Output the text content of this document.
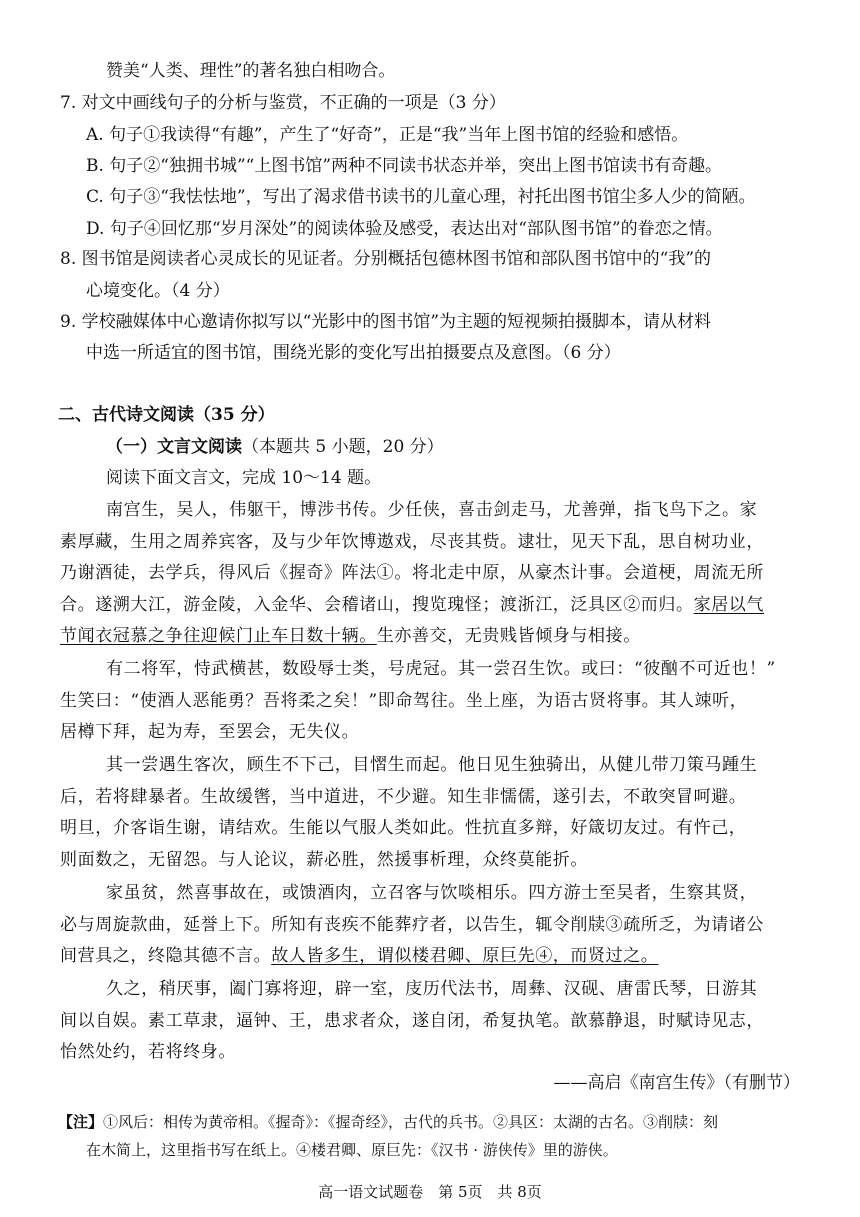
赞美“人类、理性”的著名独白相吻合。
7. 对文中画线句子的分析与鉴赏，不正确的一项是（3 分）
A. 句子①我读得“有趣”，产生了“好奇”，正是“我”当年上图书馆的经验和感悟。
B. 句子②“独拥书城”“上图书馆”两种不同读书状态并举，突出上图书馆读书有奇趣。
C. 句子③“我怯怯地”，写出了渴求借书读书的儿童心理，衬托出图书馆尘多人少的简陋。
D. 句子④回忆那“岁月深处”的阅读体验及感受，表达出对“部队图书馆”的眷恋之情。
8. 图书馆是阅读者心灵成长的见证者。分别概括包德林图书馆和部队图书馆中的“我”的
心境变化。（4 分）
9. 学校融媒体中心邀请你拟写以“光影中的图书馆”为主题的短视频拍摄脚本，请从材料
中选一所适宜的图书馆，围绕光影的变化写出拍摄要点及意图。（6 分）
二、古代诗文阅读（35 分）
（一）文言文阅读（本题共 5 小题，20 分）
阅读下面文言文，完成 10～14 题。
南宫生，吴人，伟躯干，博涉书传。少任侠，喜击剑走马，尤善弹，指飞鸟下之。家
素厚藏，生用之周养宾客，及与少年饮博遨戏，尽丧其赀。逮壮，见天下乱，思自树功业，
乃谢酒徒，去学兵，得风后《握奇》阵法①。将北走中原，从豪杰计事。会道梗，周流无所
合。遂溯大江，游金陵，入金华、会稽诸山，搜览瑰怪；渡浙江，泛具区②而归。家居以气
节闻衣冠慕之争往迎候门止车日数十辆。生亦善交，无贵贱皆倾身与相接。
有二将军，恃武横甚，数殴辱士类，号虎冠。其一尝召生饮。或曰：“彼酗不可近也！”
生笑曰：“使酒人恶能勇？吾将柔之矣！”即命驾往。坐上座，为语古贤将事。其人竦听，
居樽下拜，起为寿，至罢会，无失仪。
其一尝遇生客次，顾生不下己，目慴生而起。他日见生独骑出，从健儿带刀策马踵生
后，若将肆暴者。生故缓辔，当中道进，不少避。知生非懦儒，遂引去，不敢突冒呵避。
明旦，介客诣生谢，请结欢。生能以气服人类如此。性抗直多辩，好箴切友过。有忤己，
则面数之，无留怨。与人论议，薪必胜，然援事析理，众终莫能折。
家虽贫，然喜事故在，或馈酒肉，立召客与饮啖相乐。四方游士至吴者，生察其贤，
必与周旋款曲，延誉上下。所知有丧疾不能葬疗者，以告生，辄令削牍③疏所乏，为请诸公
间营具之，终隐其德不言。故人皆多生，谓似楼君卿、原巨先④，而贤过之。
久之，稍厌事，阖门寡将迎，辟一室，庋历代法书，周彝、汉砚、唐雷氏琴，日游其
间以自娱。素工草隶，逼钟、王，患求者众，遂自闭，希复执笔。歆慕静退，时赋诗见志，
怡然处约，若将终身。
——高启《南宫生传》（有删节）
【注】①风后：相传为黄帝相。《握奇》：《握奇经》，古代的兵书。②具区：太湖的古名。③削牍：刻
在木简上，这里指书写在纸上。④楼君卿、原巨先：《汉书 · 游侠传》里的游侠。
高一语文试题卷　第 5页　共 8页
